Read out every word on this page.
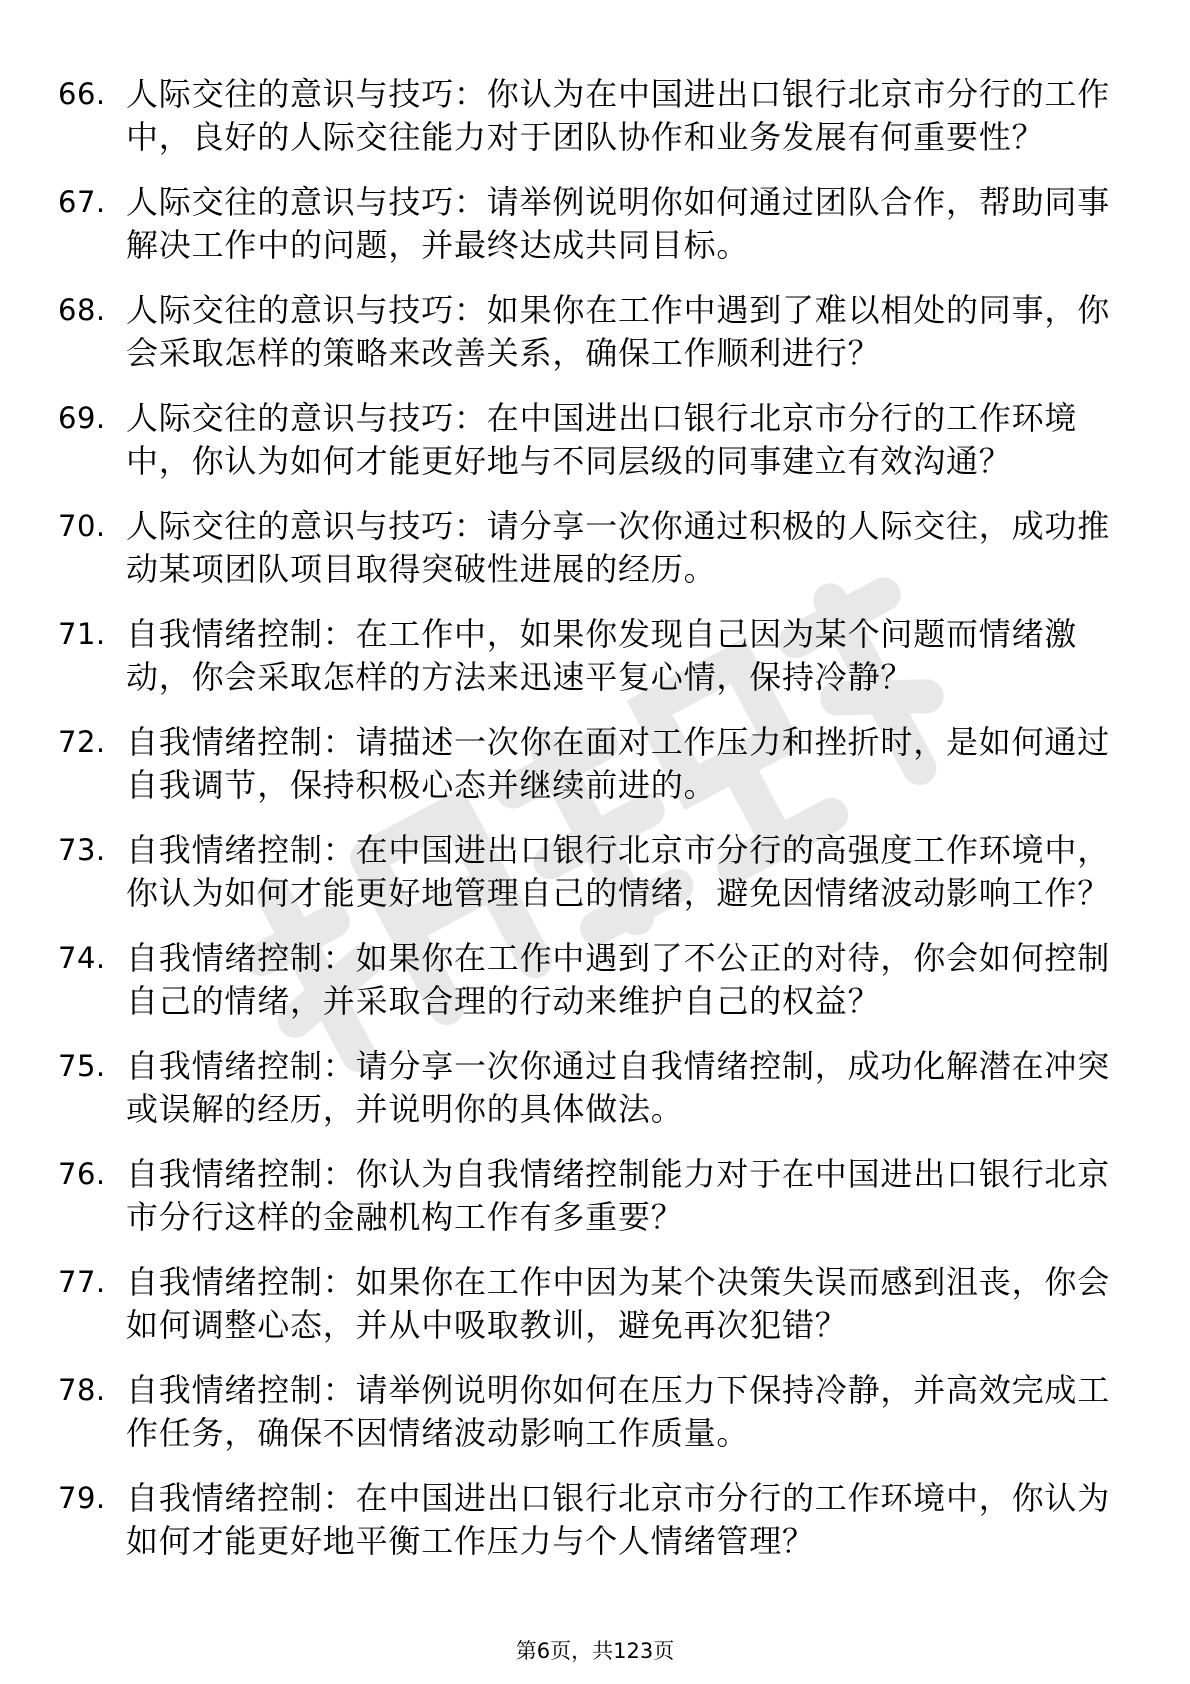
66. 人际交往的意识与技巧：你认为在中国进出口银行北京市分行的工作中，良好的人际交往能力对于团队协作和业务发展有何重要性？
67. 人际交往的意识与技巧：请举例说明你如何通过团队合作，帮助同事解决工作中的问题，并最终达成共同目标。
68. 人际交往的意识与技巧：如果你在工作中遇到了难以相处的同事，你会采取怎样的策略来改善关系，确保工作顺利进行？
69. 人际交往的意识与技巧：在中国进出口银行北京市分行的工作环境中，你认为如何才能更好地与不同层级的同事建立有效沟通？
70. 人际交往的意识与技巧：请分享一次你通过积极的人际交往，成功推动某项团队项目取得突破性进展的经历。
71. 自我情绪控制：在工作中，如果你发现自己因为某个问题而情绪激动，你会采取怎样的方法来迅速平复心情，保持冷静？
72. 自我情绪控制：请描述一次你在面对工作压力和挫折时，是如何通过自我调节，保持积极心态并继续前进的。
73. 自我情绪控制：在中国进出口银行北京市分行的高强度工作环境中，你认为如何才能更好地管理自己的情绪，避免因情绪波动影响工作？
74. 自我情绪控制：如果你在工作中遇到了不公正的对待，你会如何控制自己的情绪，并采取合理的行动来维护自己的权益？
75. 自我情绪控制：请分享一次你通过自我情绪控制，成功化解潜在冲突或误解的经历，并说明你的具体做法。
76. 自我情绪控制：你认为自我情绪控制能力对于在中国进出口银行北京市分行这样的金融机构工作有多重要？
77. 自我情绪控制：如果你在工作中因为某个决策失误而感到沮丧，你会如何调整心态，并从中吸取教训，避免再次犯错？
78. 自我情绪控制：请举例说明你如何在压力下保持冷静，并高效完成工作任务，确保不因情绪波动影响工作质量。
79. 自我情绪控制：在中国进出口银行北京市分行的工作环境中，你认为如何才能更好地平衡工作压力与个人情绪管理？
第6页，共123页
